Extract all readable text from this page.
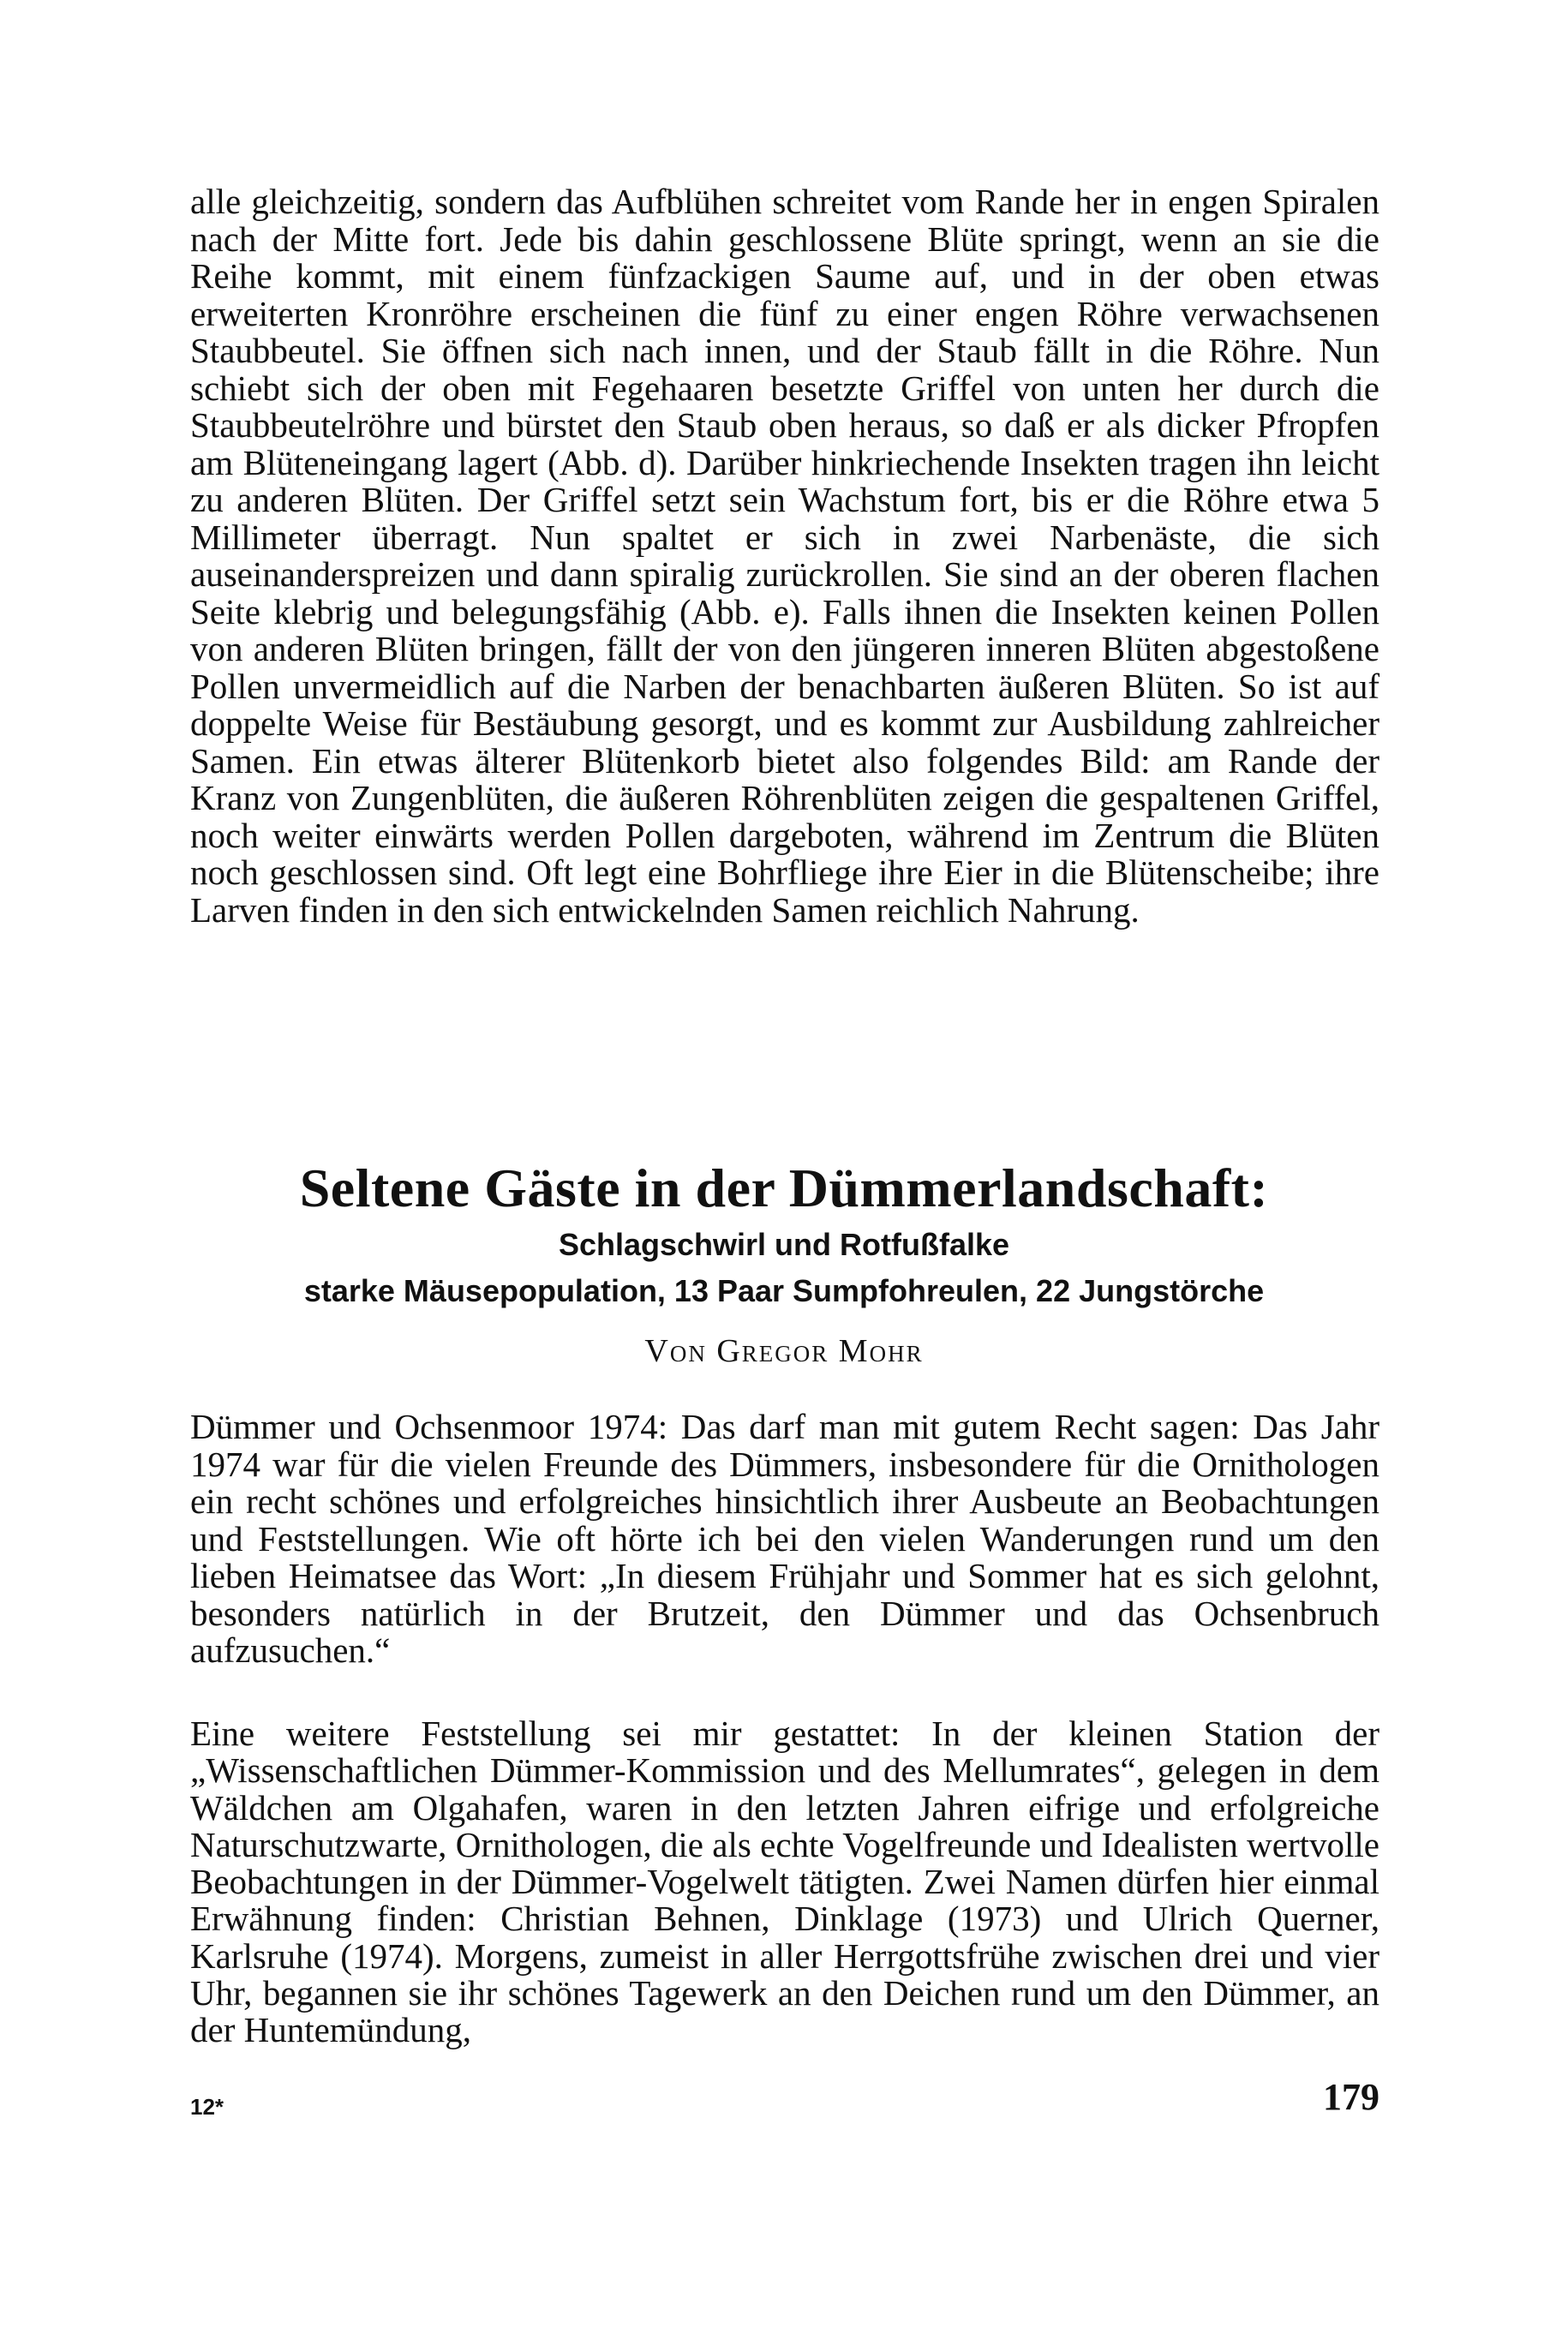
alle gleichzeitig, sondern das Aufblühen schreitet vom Rande her in engen Spiralen nach der Mitte fort. Jede bis dahin geschlossene Blüte springt, wenn an sie die Reihe kommt, mit einem fünfzackigen Saume auf, und in der oben etwas erweiterten Kronröhre erscheinen die fünf zu einer engen Röhre verwachsenen Staubbeutel. Sie öffnen sich nach innen, und der Staub fällt in die Röhre. Nun schiebt sich der oben mit Fegehaaren besetzte Griffel von unten her durch die Staubbeutelröhre und bürstet den Staub oben heraus, so daß er als dicker Pfropfen am Blüteneingang lagert (Abb. d). Darüber hinkriechende Insekten tragen ihn leicht zu anderen Blüten. Der Griffel setzt sein Wachstum fort, bis er die Röhre etwa 5 Millimeter überragt. Nun spaltet er sich in zwei Narbenäste, die sich auseinanderspreizen und dann spiralig zurückrollen. Sie sind an der oberen flachen Seite klebrig und belegungsfähig (Abb. e). Falls ihnen die Insekten keinen Pollen von anderen Blüten bringen, fällt der von den jüngeren inneren Blüten abgestoßene Pollen unvermeidlich auf die Narben der benachbarten äußeren Blüten. So ist auf doppelte Weise für Bestäubung gesorgt, und es kommt zur Ausbildung zahlreicher Samen. Ein etwas älterer Blütenkorb bietet also folgendes Bild: am Rande der Kranz von Zungenblüten, die äußeren Röhrenblüten zeigen die gespaltenen Griffel, noch weiter einwärts werden Pollen dargeboten, während im Zentrum die Blüten noch geschlossen sind. Oft legt eine Bohrfliege ihre Eier in die Blütenscheibe; ihre Larven finden in den sich entwickelnden Samen reichlich Nahrung.

Seltene Gäste in der Dümmerlandschaft:
Schlagschwirl und Rotfußfalke
starke Mäusepopulation, 13 Paar Sumpfohreulen, 22 Jungstörche
Von Gregor Mohr

Dümmer und Ochsenmoor 1974: Das darf man mit gutem Recht sagen: Das Jahr 1974 war für die vielen Freunde des Dümmers, insbesondere für die Ornithologen ein recht schönes und erfolgreiches hinsichtlich ihrer Ausbeute an Beobachtungen und Feststellungen. Wie oft hörte ich bei den vielen Wanderungen rund um den lieben Heimatsee das Wort: „In diesem Frühjahr und Sommer hat es sich gelohnt, besonders natürlich in der Brutzeit, den Dümmer und das Ochsenbruch aufzusuchen.“

Eine weitere Feststellung sei mir gestattet: In der kleinen Station der „Wissenschaftlichen Dümmer-Kommission und des Mellumrates“, gelegen in dem Wäldchen am Olgahafen, waren in den letzten Jahren eifrige und erfolgreiche Naturschutzwarte, Ornithologen, die als echte Vogelfreunde und Idealisten wertvolle Beobachtungen in der Dümmer-Vogelwelt tätigten. Zwei Namen dürfen hier einmal Erwähnung finden: Christian Behnen, Dinklage (1973) und Ulrich Querner, Karlsruhe (1974). Morgens, zumeist in aller Herrgottsfrühe zwischen drei und vier Uhr, begannen sie ihr schönes Tagewerk an den Deichen rund um den Dümmer, an der Huntemündung,

12*	179
